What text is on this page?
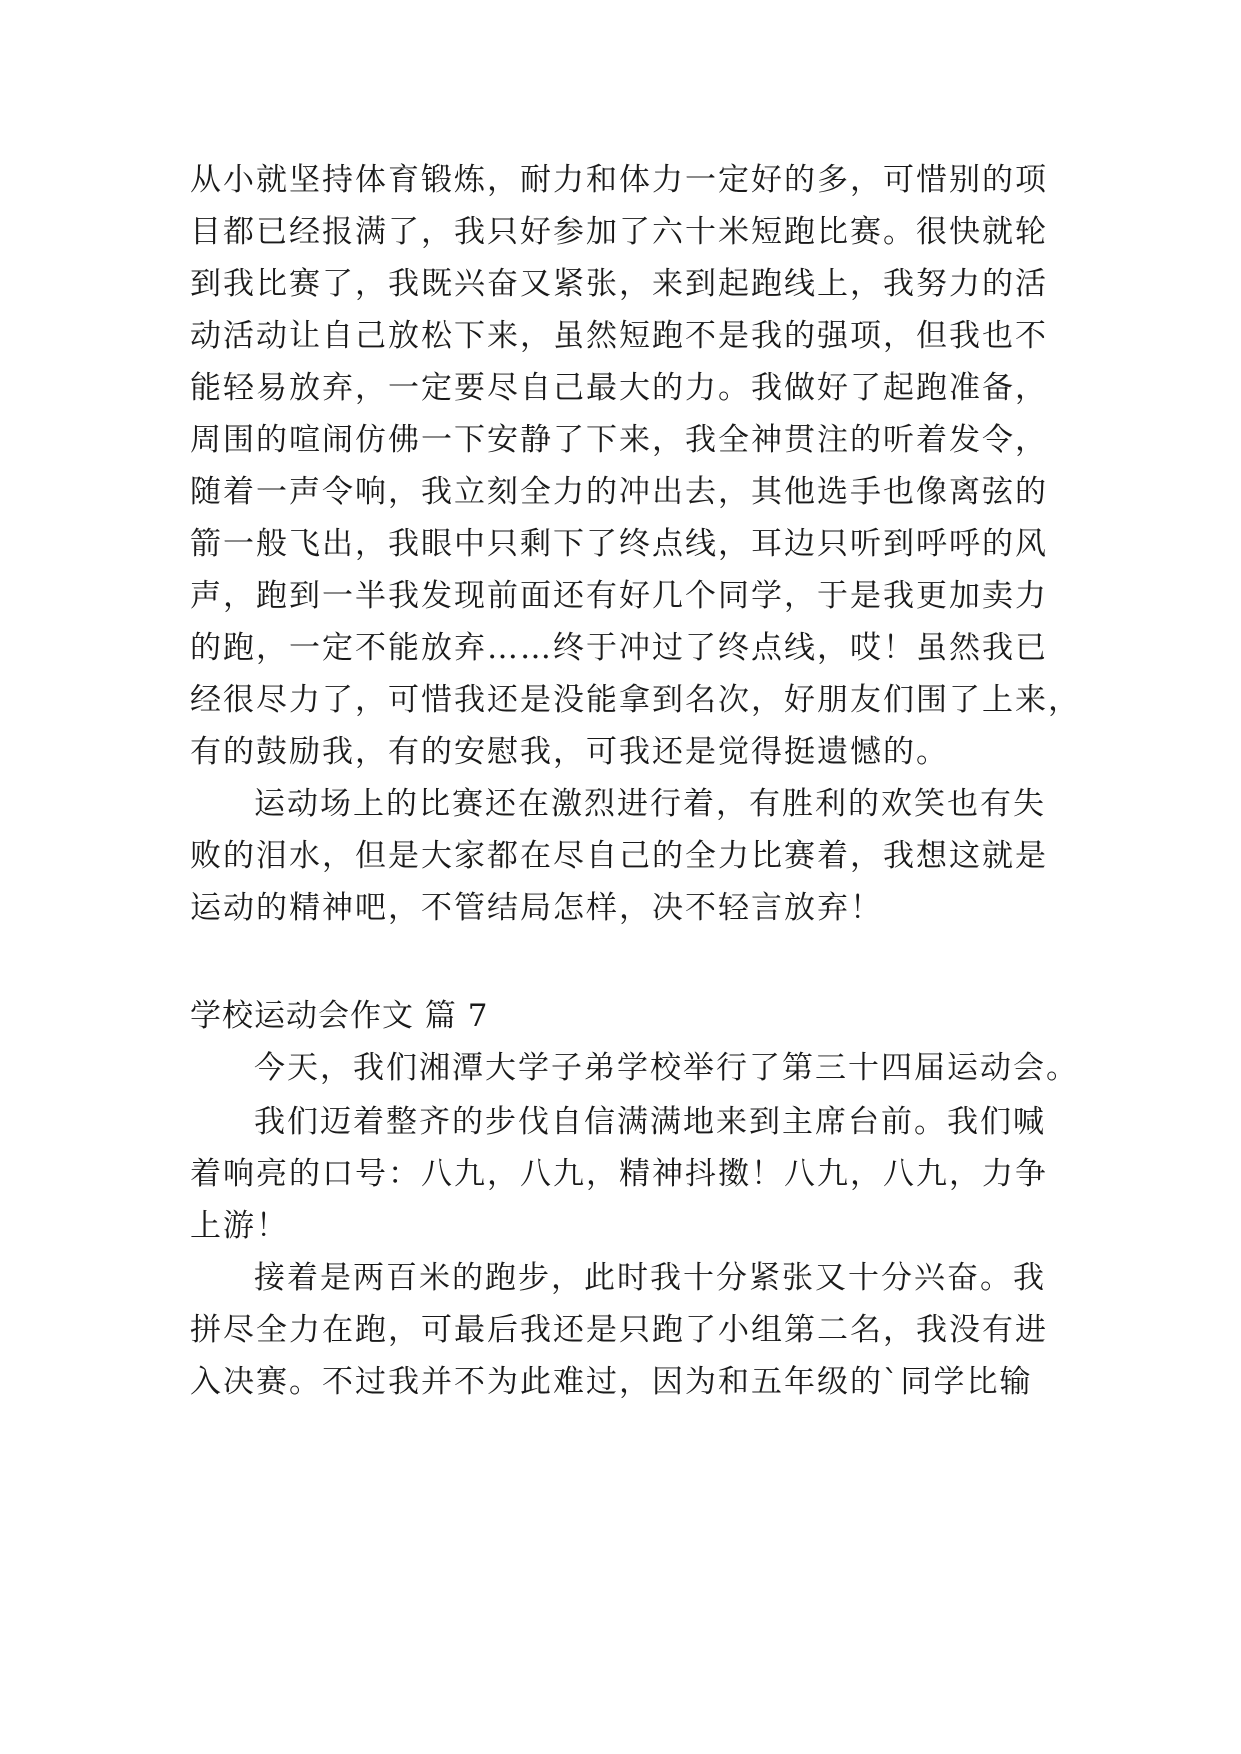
从小就坚持体育锻炼，耐力和体力一定好的多，可惜别的项
目都已经报满了，我只好参加了六十米短跑比赛。很快就轮
到我比赛了，我既兴奋又紧张，来到起跑线上，我努力的活
动活动让自己放松下来，虽然短跑不是我的强项，但我也不
能轻易放弃，一定要尽自己最大的力。我做好了起跑准备，
周围的喧闹仿佛一下安静了下来，我全神贯注的听着发令，
随着一声令响，我立刻全力的冲出去，其他选手也像离弦的
箭一般飞出，我眼中只剩下了终点线，耳边只听到呼呼的风
声，跑到一半我发现前面还有好几个同学，于是我更加卖力
的跑，一定不能放弃……终于冲过了终点线，哎！虽然我已
经很尽力了，可惜我还是没能拿到名次，好朋友们围了上来，
有的鼓励我，有的安慰我，可我还是觉得挺遗憾的。
运动场上的比赛还在激烈进行着，有胜利的欢笑也有失
败的泪水，但是大家都在尽自己的全力比赛着，我想这就是
运动的精神吧，不管结局怎样，决不轻言放弃！
学校运动会作文 篇 7
今天，我们湘潭大学子弟学校举行了第三十四届运动会。
我们迈着整齐的步伐自信满满地来到主席台前。我们喊
着响亮的口号：八九，八九，精神抖擞！八九，八九，力争
上游！
接着是两百米的跑步，此时我十分紧张又十分兴奋。我
拼尽全力在跑，可最后我还是只跑了小组第二名，我没有进
入决赛。不过我并不为此难过，因为和五年级的`同学比输
